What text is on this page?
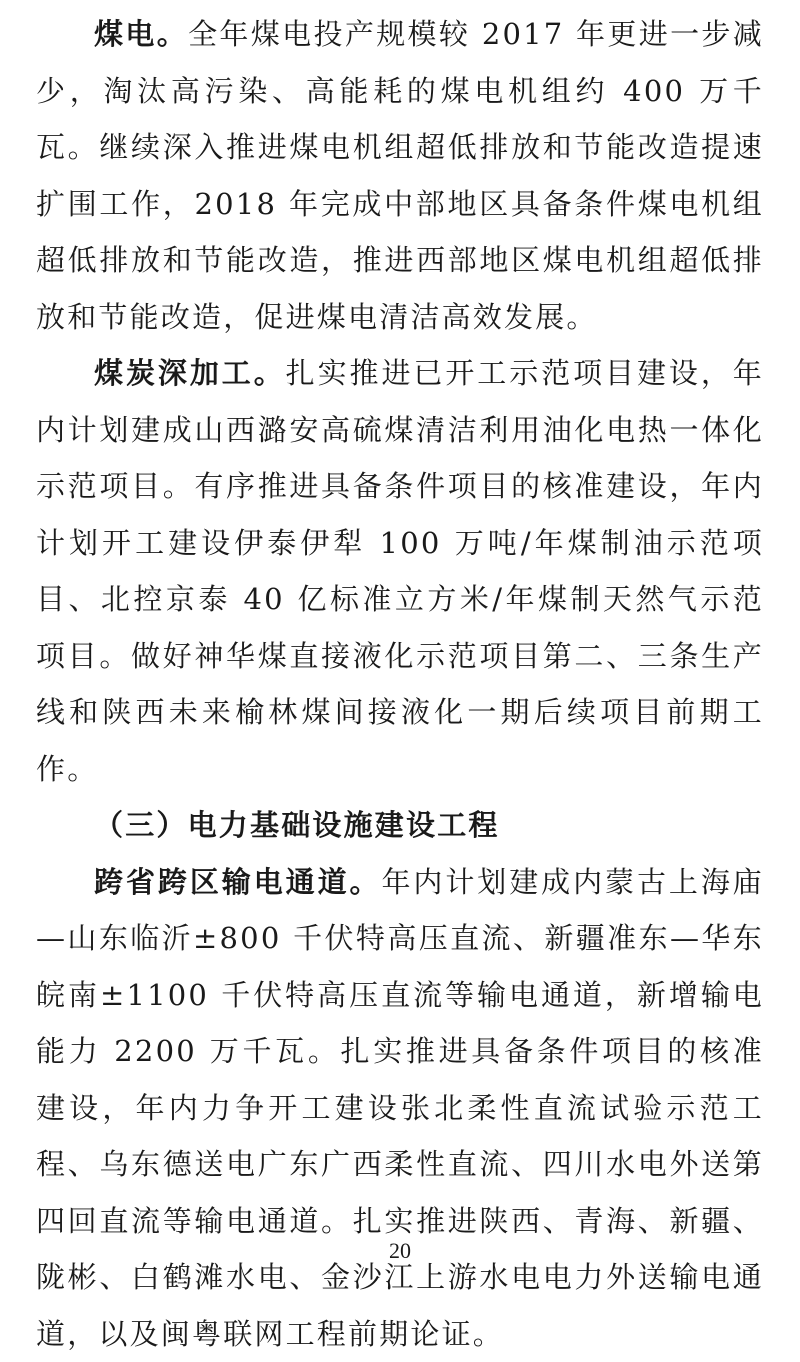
煤电。全年煤电投产规模较 2017 年更进一步减少，淘汰高污染、高能耗的煤电机组约 400 万千瓦。继续深入推进煤电机组超低排放和节能改造提速扩围工作，2018 年完成中部地区具备条件煤电机组超低排放和节能改造，推进西部地区煤电机组超低排放和节能改造，促进煤电清洁高效发展。

煤炭深加工。扎实推进已开工示范项目建设，年内计划建成山西潞安高硫煤清洁利用油化电热一体化示范项目。有序推进具备条件项目的核准建设，年内计划开工建设伊泰伊犁 100 万吨/年煤制油示范项目、北控京泰 40 亿标准立方米/年煤制天然气示范项目。做好神华煤直接液化示范项目第二、三条生产线和陕西未来榆林煤间接液化一期后续项目前期工作。

（三）电力基础设施建设工程

跨省跨区输电通道。年内计划建成内蒙古上海庙—山东临沂±800 千伏特高压直流、新疆准东—华东皖南±1100 千伏特高压直流等输电通道，新增输电能力 2200 万千瓦。扎实推进具备条件项目的核准建设，年内力争开工建设张北柔性直流试验示范工程、乌东德送电广东广西柔性直流、四川水电外送第四回直流等输电通道。扎实推进陕西、青海、新疆、陇彬、白鹤滩水电、金沙江上游水电电力外送输电通道，以及闽粤联网工程前期论证。

20
